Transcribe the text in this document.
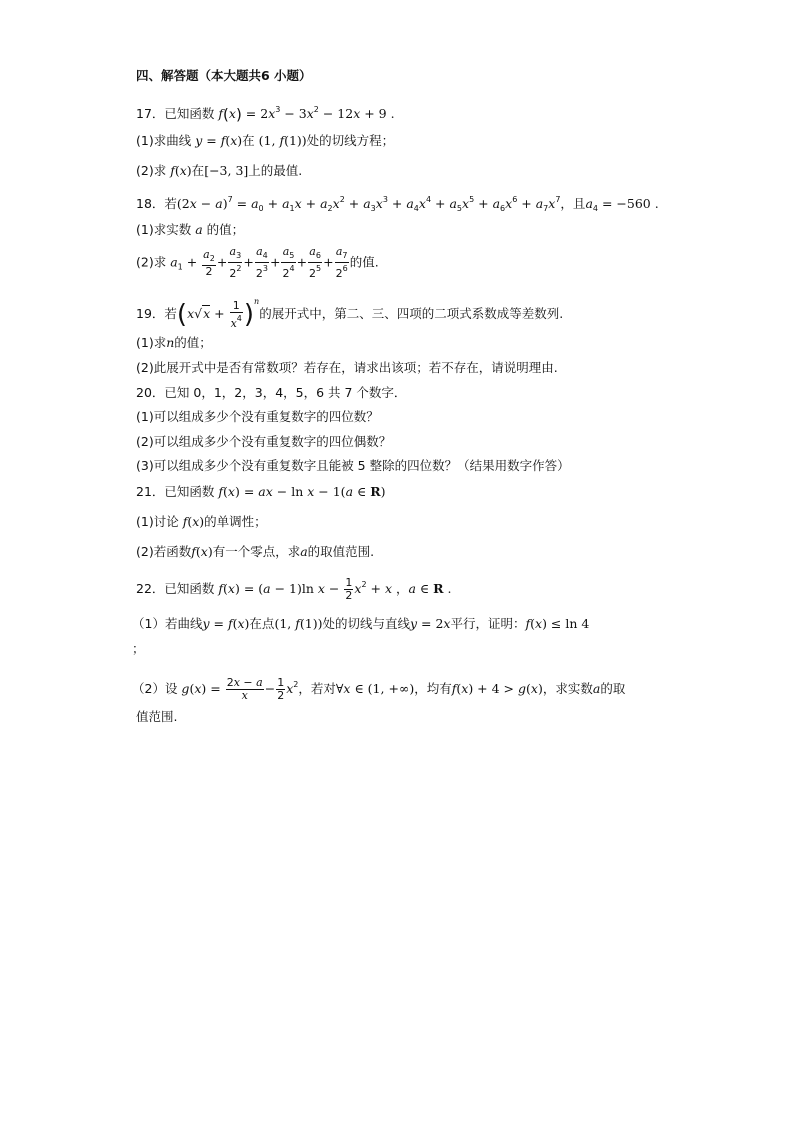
四、解答题（本大题共6 小题）
17．已知函数 $f(x) = 2x^3 - 3x^2 - 12x + 9$ .
(1)求曲线 y = f(x)在 (1, f(1))处的切线方程；
(2)求 f(x)在[−3, 3]上的最值.
18．若$(2x - a)^7 = a_0 + a_1x + a_2x^2 + a_3x^3 + a_4x^4 + a_5x^5 + a_6x^6 + a_7x^7$，且$a_4 = -560$ .
(1)求实数 a 的值；
(2)求 $a_1 + \frac{a_2}{2} + \frac{a_3}{2^2} + \frac{a_4}{2^3} + \frac{a_5}{2^4} + \frac{a_6}{2^5} + \frac{a_7}{2^6}$ 的值.
19．若$(x√x + \frac{1}{x^4} )^n$的展开式中，第二、三、四项的二项式系数成等差数列.
(1)求n的值；
(2)此展开式中是否有常数项？若存在，请求出该项；若不存在，请说明理由.
20．已知 0，1，2，3，4，5，6 共 7 个数字．
(1)可以组成多少个没有重复数字的四位数？
(2)可以组成多少个没有重复数字的四位偶数？
(3)可以组成多少个没有重复数字且能被 5 整除的四位数？（结果用数字作答）
21．已知函数 f(x) = ax − ln x − 1(a ∈ R)
(1)讨论 f(x)的单调性；
(2)若函数f(x)有一个零点，求a的取值范围.
22．已知函数 f(x) = (a − 1)ln $x - \frac{1}{2} x^2 + x$ ，a ∈ R .
（1）若曲线y = f(x)在点(1, f(1))处的切线与直线y = 2x平行，证明：f(x) ≤ ln 4
；
（2）设 $g(x) = \frac{2x - a}{x} - \frac{1}{2} x^2$，若对∀x ∈ (1, +∞)，均有f(x) + 4 > g(x)，求实数a的取
值范围.
